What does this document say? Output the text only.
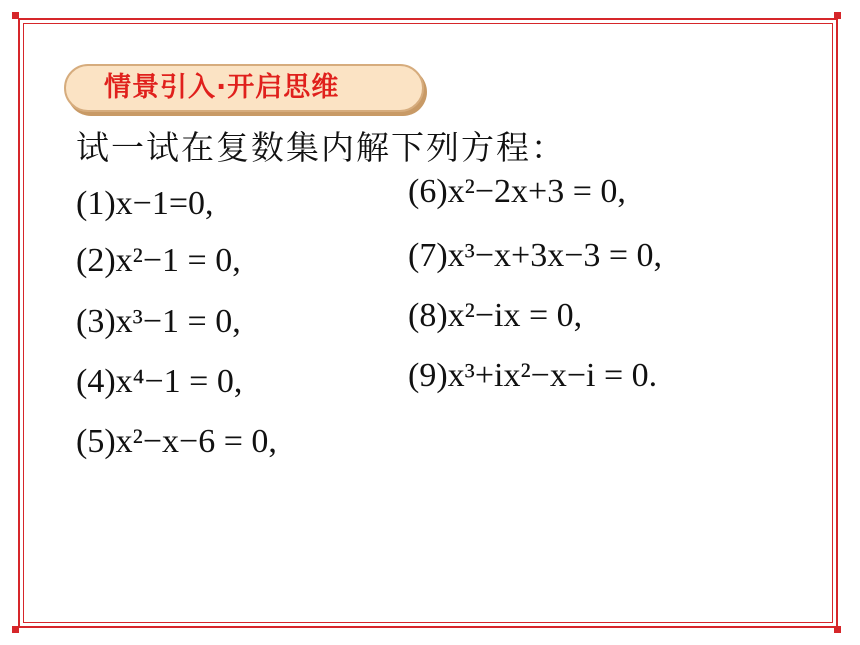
情景引入·开启思维
试一试在复数集内解下列方程：
(1)x−1=0,
(2)x²−1 = 0,
(3)x³−1 = 0,
(4)x⁴−1 = 0,
(5)x²−x−6 = 0,
(6)x²−2x+3 = 0,
(7)x³−x+3x−3 = 0,
(8)x²−ix = 0,
(9)x³+ix²−x−i = 0.
